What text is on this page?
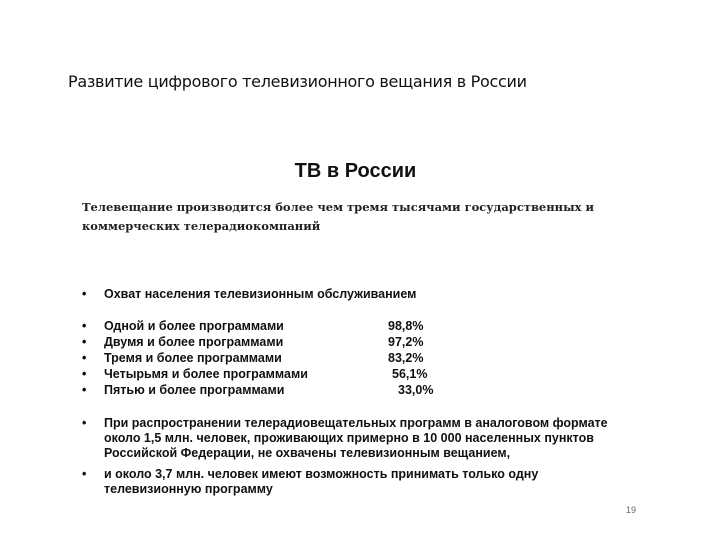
Развитие цифрового телевизионного вещания в России
ТВ в России
Телевещание производится более чем тремя тысячами государственных и коммерческих телерадиокомпаний
• Охват населения телевизионным обслуживанием
• Одной и более программами	98,8%
• Двумя и более программами	97,2%
• Тремя и более программами	83,2%
• Четырьмя и более программами	56,1%
• Пятью и более программами	33,0%
• При распространении телерадиовещательных программ в аналоговом формате около 1,5 млн. человек, проживающих примерно в 10 000 населенных пунктов Российской Федерации, не охвачены телевизионным вещанием,
• и около 3,7 млн. человек имеют возможность принимать только одну телевизионную программу
19
